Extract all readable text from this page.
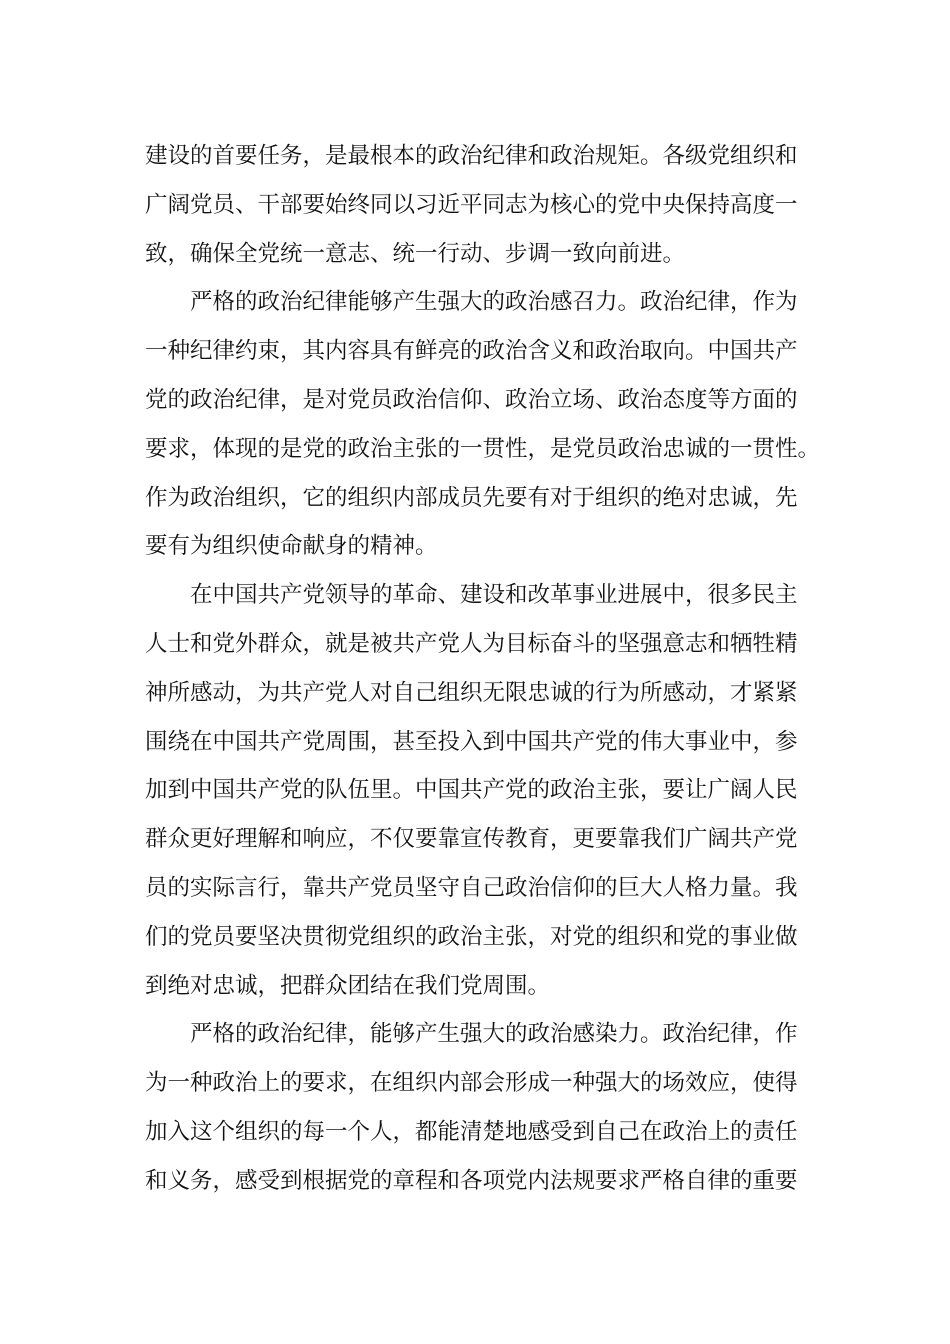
建设的首要任务，是最根本的政治纪律和政治规矩。各级党组织和
广阔党员、干部要始终同以习近平同志为核心的党中央保持高度一
致，确保全党统一意志、统一行动、步调一致向前进。
严格的政治纪律能够产生强大的政治感召力。政治纪律，作为
一种纪律约束，其内容具有鲜亮的政治含义和政治取向。中国共产
党的政治纪律，是对党员政治信仰、政治立场、政治态度等方面的
要求，体现的是党的政治主张的一贯性，是党员政治忠诚的一贯性。
作为政治组织，它的组织内部成员先要有对于组织的绝对忠诚，先
要有为组织使命献身的精神。
在中国共产党领导的革命、建设和改革事业进展中，很多民主
人士和党外群众，就是被共产党人为目标奋斗的坚强意志和牺牲精
神所感动，为共产党人对自己组织无限忠诚的行为所感动，才紧紧
围绕在中国共产党周围，甚至投入到中国共产党的伟大事业中，参
加到中国共产党的队伍里。中国共产党的政治主张，要让广阔人民
群众更好理解和响应，不仅要靠宣传教育，更要靠我们广阔共产党
员的实际言行，靠共产党员坚守自己政治信仰的巨大人格力量。我
们的党员要坚决贯彻党组织的政治主张，对党的组织和党的事业做
到绝对忠诚，把群众团结在我们党周围。
严格的政治纪律，能够产生强大的政治感染力。政治纪律，作
为一种政治上的要求，在组织内部会形成一种强大的场效应，使得
加入这个组织的每一个人，都能清楚地感受到自己在政治上的责任
和义务，感受到根据党的章程和各项党内法规要求严格自律的重要
